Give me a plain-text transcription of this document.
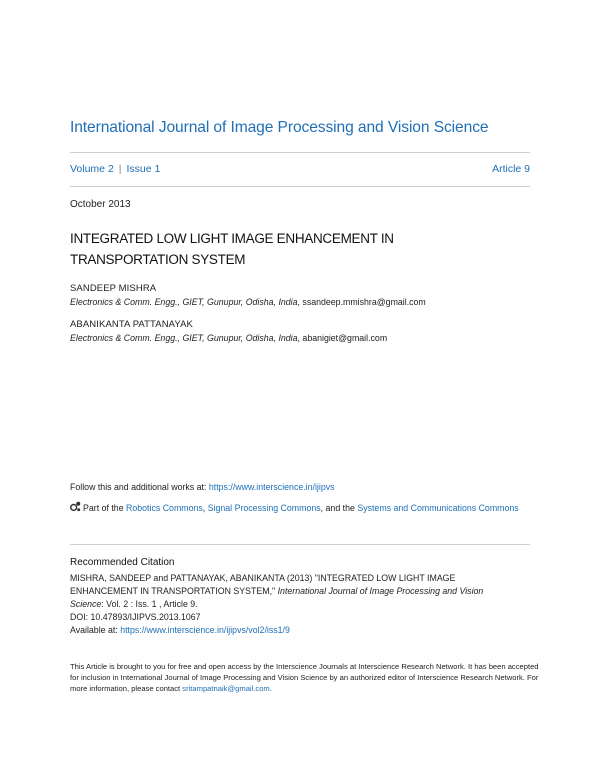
International Journal of Image Processing and Vision Science
Volume 2 | Issue 1	Article 9
October 2013
INTEGRATED LOW LIGHT IMAGE ENHANCEMENT IN
TRANSPORTATION SYSTEM
SANDEEP MISHRA
Electronics & Comm. Engg., GIET, Gunupur, Odisha, India, ssandeep.mmishra@gmail.com
ABANIKANTA PATTANAYAK
Electronics & Comm. Engg., GIET, Gunupur, Odisha, India, abanigiet@gmail.com
Follow this and additional works at: https://www.interscience.in/ijipvs
Part of the Robotics Commons, Signal Processing Commons, and the Systems and Communications Commons
Recommended Citation
MISHRA, SANDEEP and PATTANAYAK, ABANIKANTA (2013) "INTEGRATED LOW LIGHT IMAGE
ENHANCEMENT IN TRANSPORTATION SYSTEM," International Journal of Image Processing and Vision
Science: Vol. 2 : Iss. 1 , Article 9.
DOI: 10.47893/IJIPVS.2013.1067
Available at: https://www.interscience.in/ijipvs/vol2/iss1/9
This Article is brought to you for free and open access by the Interscience Journals at Interscience Research Network. It has been accepted for inclusion in International Journal of Image Processing and Vision Science by an authorized editor of Interscience Research Network. For more information, please contact sritampatnaik@gmail.com.
